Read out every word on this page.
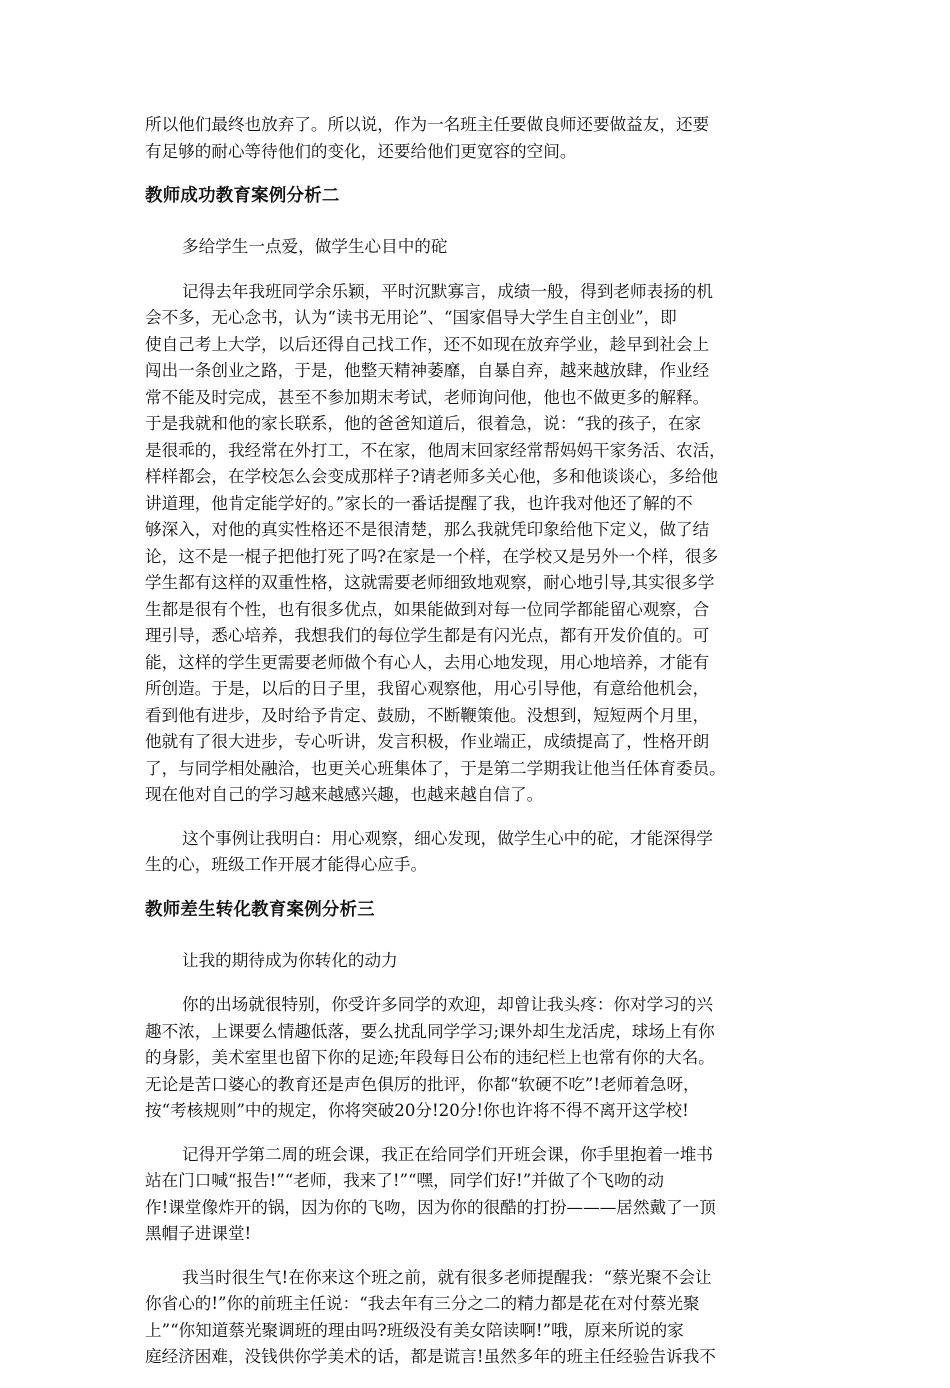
所以他们最终也放弃了。所以说，作为一名班主任要做良师还要做益友，还要
有足够的耐心等待他们的变化，还要给他们更宽容的空间。
教师成功教育案例分析二
多给学生一点爱，做学生心目中的砣
记得去年我班同学余乐颖，平时沉默寡言，成绩一般，得到老师表扬的机
会不多，无心念书，认为“读书无用论”、“国家倡导大学生自主创业”，即
使自己考上大学，以后还得自己找工作，还不如现在放弃学业，趁早到社会上
闯出一条创业之路，于是，他整天精神萎靡，自暴自弃，越来越放肆，作业经
常不能及时完成，甚至不参加期末考试，老师询问他，他也不做更多的解释。
于是我就和他的家长联系，他的爸爸知道后，很着急，说：“我的孩子，在家
是很乖的，我经常在外打工，不在家，他周末回家经常帮妈妈干家务活、农活，
样样都会，在学校怎么会变成那样子?请老师多关心他，多和他谈谈心，多给他
讲道理，他肯定能学好的。”家长的一番话提醒了我，也许我对他还了解的不
够深入，对他的真实性格还不是很清楚，那么我就凭印象给他下定义，做了结
论，这不是一棍子把他打死了吗?在家是一个样，在学校又是另外一个样，很多
学生都有这样的双重性格，这就需要老师细致地观察，耐心地引导,其实很多学
生都是很有个性，也有很多优点，如果能做到对每一位同学都能留心观察，合
理引导，悉心培养，我想我们的每位学生都是有闪光点，都有开发价值的。可
能，这样的学生更需要老师做个有心人，去用心地发现，用心地培养，才能有
所创造。于是，以后的日子里，我留心观察他，用心引导他，有意给他机会，
看到他有进步，及时给予肯定、鼓励，不断鞭策他。没想到，短短两个月里，
他就有了很大进步，专心听讲，发言积极，作业端正，成绩提高了，性格开朗
了，与同学相处融洽，也更关心班集体了，于是第二学期我让他当任体育委员。
现在他对自己的学习越来越感兴趣，也越来越自信了。
这个事例让我明白：用心观察，细心发现，做学生心中的砣，才能深得学
生的心，班级工作开展才能得心应手。
教师差生转化教育案例分析三
让我的期待成为你转化的动力
你的出场就很特别，你受许多同学的欢迎，却曾让我头疼：你对学习的兴
趣不浓，上课要么情趣低落，要么扰乱同学学习;课外却生龙活虎，球场上有你
的身影，美术室里也留下你的足迹;年段每日公布的违纪栏上也常有你的大名。
无论是苦口婆心的教育还是声色俱厉的批评，你都“软硬不吃”!老师着急呀，
按“考核规则”中的规定，你将突破20分!20分!你也许将不得不离开这学校!
记得开学第二周的班会课，我正在给同学们开班会课，你手里抱着一堆书
站在门口喊“报告!”“老师，我来了!”“嘿，同学们好!”并做了个飞吻的动
作!课堂像炸开的锅，因为你的飞吻，因为你的很酷的打扮———居然戴了一顶
黑帽子进课堂!
我当时很生气!在你来这个班之前，就有很多老师提醒我：“蔡光聚不会让
你省心的!”你的前班主任说：“我去年有三分之二的精力都是花在对付蔡光聚
上”“你知道蔡光聚调班的理由吗?班级没有美女陪读啊!”哦，原来所说的家
庭经济困难，没钱供你学美术的话，都是谎言!虽然多年的班主任经验告诉我不
